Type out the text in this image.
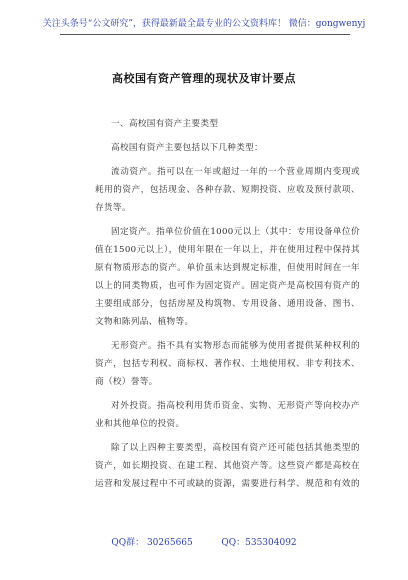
关注头条号“公文研究”，获得最新最全最专业的公文资料库！ 微信：gongwenyj
高校国有资产管理的现状及审计要点
一、高校国有资产主要类型
高校国有资产主要包括以下几种类型：
流动资产。指可以在一年或超过一年的一个营业周期内变现或
耗用的资产，包括现金、各种存款、短期投资、应收及预付款项、
存货等。
固定资产。指单位价值在1000元以上（其中：专用设备单位价
值在1500元以上），使用年限在一年以上，并在使用过程中保持其
原有物质形态的资产。单价虽未达到规定标准，但使用时间在一年
以上的同类物质，也可作为固定资产。固定资产是高校国有资产的
主要组成部分，包括房屋及构筑物、专用设备、通用设备、图书、
文物和陈列品、植物等。
无形资产。指不具有实物形态而能够为使用者提供某种权利的
资产，包括专利权、商标权、著作权、土地使用权、非专利技术、
商（校）誉等。
对外投资。指高校利用货币资金、实物、无形资产等向校办产
业和其他单位的投资。
除了以上四种主要类型，高校国有资产还可能包括其他类型的
资产，如长期投资、在建工程、其他资产等。这些资产都是高校在
运营和发展过程中不可或缺的资源，需要进行科学、规范和有效的
QQ群： 30265665          QQ：535304092
